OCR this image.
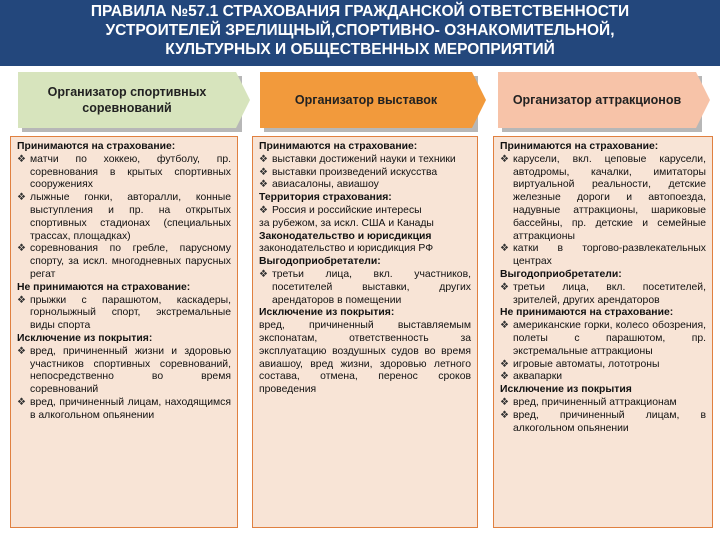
ПРАВИЛА №57.1 СТРАХОВАНИЯ ГРАЖДАНСКОЙ ОТВЕТСТВЕННОСТИ
УСТРОИТЕЛЕЙ ЗРЕЛИЩНЫЙ,СПОРТИВНО- ОЗНАКОМИТЕЛЬНОЙ,
КУЛЬТУРНЫХ И ОБЩЕСТВЕННЫХ МЕРОПРИЯТИЙ
Организатор спортивных соревнований
Организатор выставок	Организатор аттракционов
Принимаются на страхование:
❖ матчи по хоккею, футболу, пр. соревнования в крытых спортивных сооружениях
❖ лыжные гонки, авторалли, конные выступления и пр. на открытых спортивных стадионах (специальных трассах, площадках)
❖ соревнования по гребле, парусному спорту, за искл. многодневных парусных регат
Не принимаются на страхование:
❖ прыжки с парашютом, каскадеры, горнолыжный спорт, экстремальные виды спорта
Исключение из покрытия:
❖ вред, причиненный жизни и здоровью участников спортивных соревнований, непосредственно во время соревнований
❖ вред, причиненный лицам, находящимся в алкогольном опьянении
Принимаются на страхование:
❖ выставки достижений науки и техники
❖ выставки произведений искусства
❖ авиасалоны, авиашоу
Территория страхования:
❖ Россия и российские интересы
за рубежом, за искл. США и Канады
Законодательство и юрисдикция
законодательство и юрисдикция РФ
Выгодоприобретатели:
❖ третьи лица, вкл. участников, посетителей выставки, других арендаторов в помещении
Исключение из покрытия:
вред, причиненный выставляемым экспонатам, ответственность за эксплуатацию воздушных судов во время авиашоу, вред жизни, здоровью летного состава, отмена, перенос сроков проведения
Принимаются на страхование:
❖ карусели, вкл. цеповые карусели, автодромы, качалки, имитаторы виртуальной реальности, детские железные дороги и автопоезда, надувные аттракционы, шариковые бассейны, пр. детские и семейные аттракционы
❖ катки в торгово-развлекательных центрах
Выгодоприобретатели:
❖ третьи лица, вкл. посетителей, зрителей, других арендаторов
Не принимаются на страхование:
❖ американские горки, колесо обозрения, полеты с парашютом, пр. экстремальные аттракционы
❖ игровые автоматы, лототроны
❖ аквапарки
Исключение из покрытия
❖ вред, причиненный аттракционам
❖ вред, причиненный лицам, в алкогольном опьянении
